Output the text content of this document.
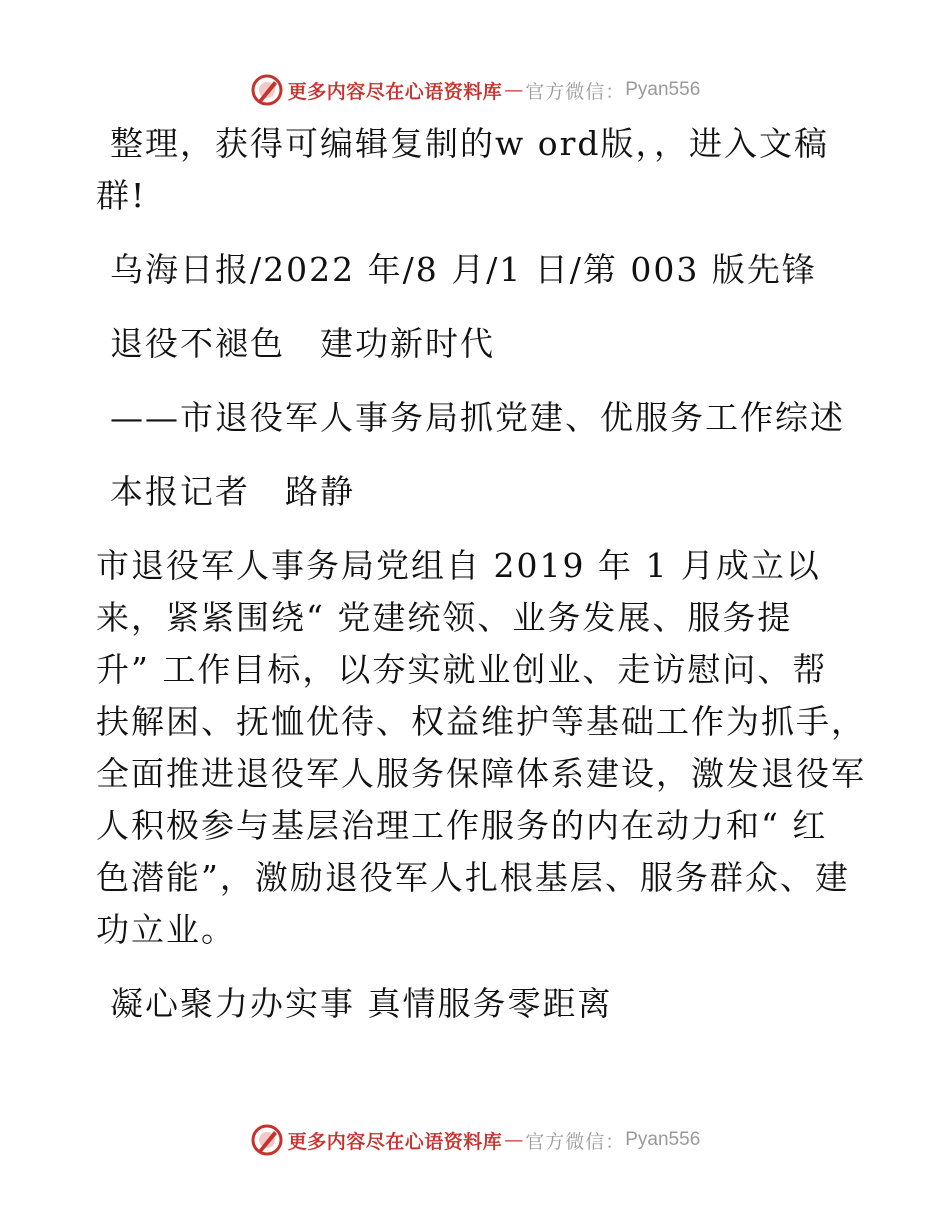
更多内容尽在心语资料库 — 官方微信： Pyan556

整理，获得可编辑复制的w ord版，，进入文稿
群!

乌海日报/2022 年/8 月/1 日/第 003 版先锋

退役不褪色　建功新时代

——市退役军人事务局抓党建、优服务工作综述

本报记者　路静

市退役军人事务局党组自 2019 年 1 月成立以

来，紧紧围绕“ 党建统领、业务发展、服务提

升” 工作目标，以夯实就业创业、走访慰问、帮

扶解困、抚恤优待、权益维护等基础工作为抓手，

全面推进退役军人服务保障体系建设，激发退役军

人积极参与基层治理工作服务的内在动力和“ 红

色潜能”，激励退役军人扎根基层、服务群众、建

功立业。

凝心聚力办实事 真情服务零距离

更多内容尽在心语资料库 — 官方微信： Pyan556
